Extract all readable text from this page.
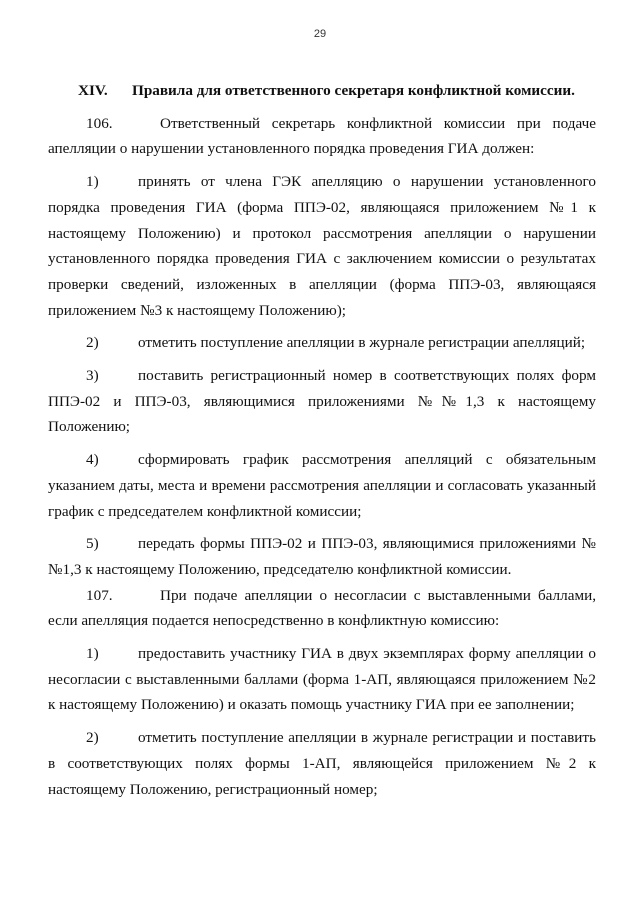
29
XIV. Правила для ответственного секретаря конфликтной комиссии.

106.	Ответственный секретарь конфликтной комиссии при подаче апелляции о нарушении установленного порядка проведения ГИА должен:

1)	принять от члена ГЭК апелляцию о нарушении установленного порядка проведения ГИА (форма ППЭ-02, являющаяся приложением №1 к настоящему Положению) и протокол рассмотрения апелляции о нарушении установленного порядка проведения ГИА с заключением комиссии о результатах проверки сведений, изложенных в апелляции (форма ППЭ-03, являющаяся приложением №3 к настоящему Положению);

2)	отметить поступление апелляции в журнале регистрации апелляций;

3)	поставить регистрационный номер в соответствующих полях форм ППЭ-02 и ППЭ-03, являющимися приложениями №№1,3 к настоящему Положению;

4)	сформировать график рассмотрения апелляций с обязательным указанием даты, места и времени рассмотрения апелляции и согласовать указанный график с председателем конфликтной комиссии;

5)	передать формы ППЭ-02 и ППЭ-03, являющимися приложениями №№1,3 к настоящему Положению, председателю конфликтной комиссии.

107.	При подаче апелляции о несогласии с выставленными баллами, если апелляция подается непосредственно в конфликтную комиссию:

1)	предоставить участнику ГИА в двух экземплярах форму апелляции о несогласии с выставленными баллами (форма 1-АП, являющаяся приложением №2 к настоящему Положению) и оказать помощь участнику ГИА при ее заполнении;

2)	отметить поступление апелляции в журнале регистрации и поставить в соответствующих полях формы 1-АП, являющейся приложением №2 к настоящему Положению, регистрационный номер;
